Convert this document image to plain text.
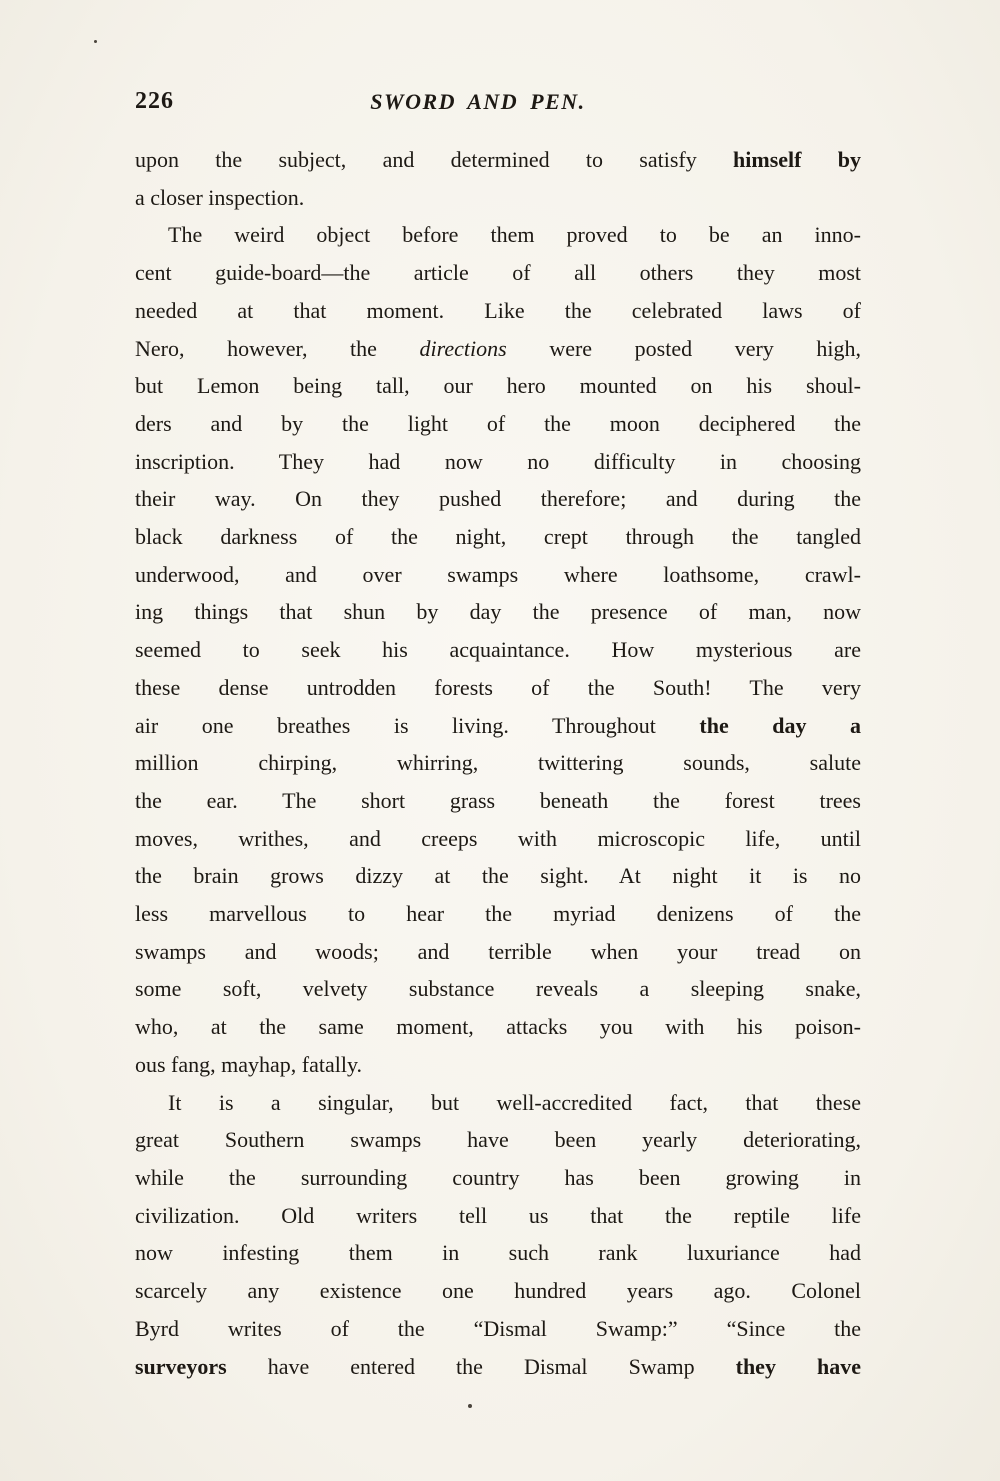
226	SWORD AND PEN.
upon the subject, and determined to satisfy himself by
a closer inspection.
The weird object before them proved to be an inno-
cent guide-board—the article of all others they most
needed at that moment. Like the celebrated laws of
Nero, however, the directions were posted very high,
but Lemon being tall, our hero mounted on his shoul-
ders and by the light of the moon deciphered the
inscription. They had now no difficulty in choosing
their way. On they pushed therefore; and during the
black darkness of the night, crept through the tangled
underwood, and over swamps where loathsome, crawl-
ing things that shun by day the presence of man, now
seemed to seek his acquaintance. How mysterious are
these dense untrodden forests of the South! The very
air one breathes is living. Throughout the day a
million chirping, whirring, twittering sounds, salute
the ear. The short grass beneath the forest trees
moves, writhes, and creeps with microscopic life, until
the brain grows dizzy at the sight. At night it is no
less marvellous to hear the myriad denizens of the
swamps and woods; and terrible when your tread on
some soft, velvety substance reveals a sleeping snake,
who, at the same moment, attacks you with his poison-
ous fang, mayhap, fatally.
It is a singular, but well-accredited fact, that these
great Southern swamps have been yearly deteriorating,
while the surrounding country has been growing in
civilization. Old writers tell us that the reptile life
now infesting them in such rank luxuriance had
scarcely any existence one hundred years ago. Colonel
Byrd writes of the “Dismal Swamp:” “Since the
surveyors have entered the Dismal Swamp they have
